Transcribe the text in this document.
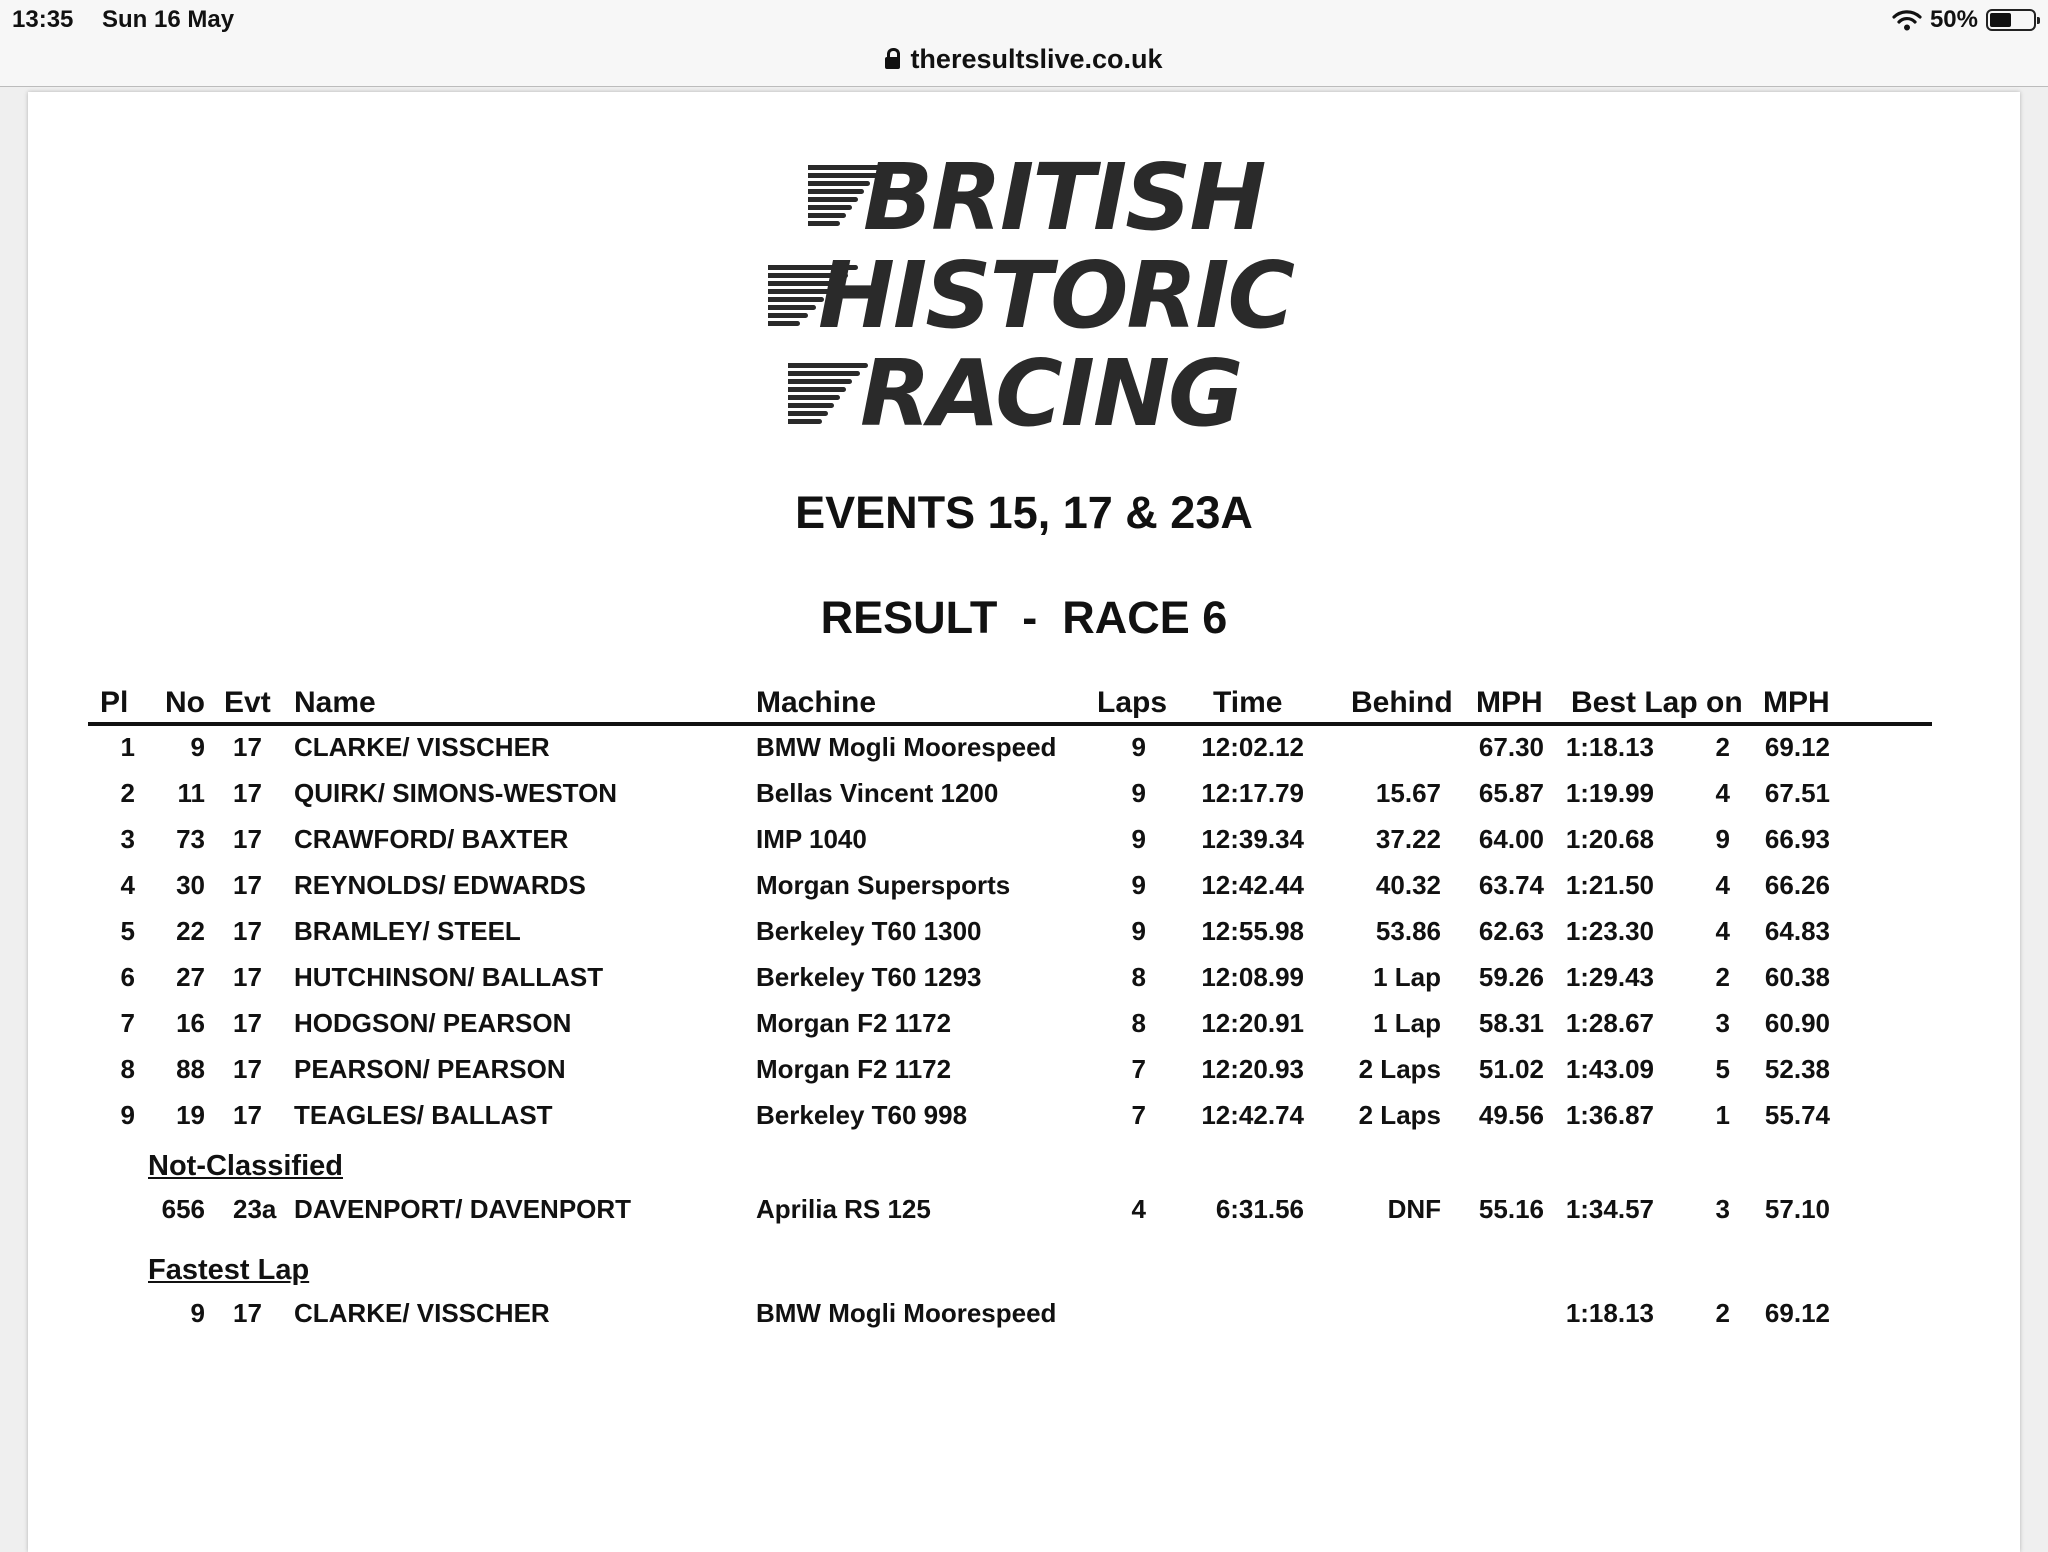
13:35 Sun 16 May	50%
theresultslive.co.uk
BRITISH
HISTORIC
RACING
EVENTS 15, 17 & 23A
RESULT  -  RACE 6
Pl No Evt Name	Machine	Laps Time Behind MPH Best Lap on MPH
1 9 17 CLARKE/ VISSCHER	BMW Mogli Moorespeed	9 12:02.12	67.30 1:18.13 2 69.12
2 11 17 QUIRK/ SIMONS-WESTON	Bellas Vincent 1200	9 12:17.79	15.67 65.87 1:19.99 4 67.51
3 73 17 CRAWFORD/ BAXTER	IMP 1040	9 12:39.34	37.22 64.00 1:20.68 9 66.93
4 30 17 REYNOLDS/ EDWARDS	Morgan Supersports	9 12:42.44	40.32 63.74 1:21.50 4 66.26
5 22 17 BRAMLEY/ STEEL	Berkeley T60 1300	9 12:55.98	53.86 62.63 1:23.30 4 64.83
6 27 17 HUTCHINSON/ BALLAST	Berkeley T60 1293	8 12:08.99	1 Lap 59.26 1:29.43 2 60.38
7 16 17 HODGSON/ PEARSON	Morgan F2 1172	8 12:20.91	1 Lap 58.31 1:28.67 3 60.90
8 88 17 PEARSON/ PEARSON	Morgan F2 1172	7 12:20.93 2 Laps 51.02 1:43.09 5 52.38
9 19 17 TEAGLES/ BALLAST	Berkeley T60 998	7 12:42.74 2 Laps 49.56 1:36.87 1 55.74
Not-Classified
656 23a DAVENPORT/ DAVENPORT	Aprilia RS 125	4	6:31.56	DNF 55.16 1:34.57 3 57.10
Fastest Lap
9 17 CLARKE/ VISSCHER	BMW Mogli Moorespeed	1:18.13 2 69.12
